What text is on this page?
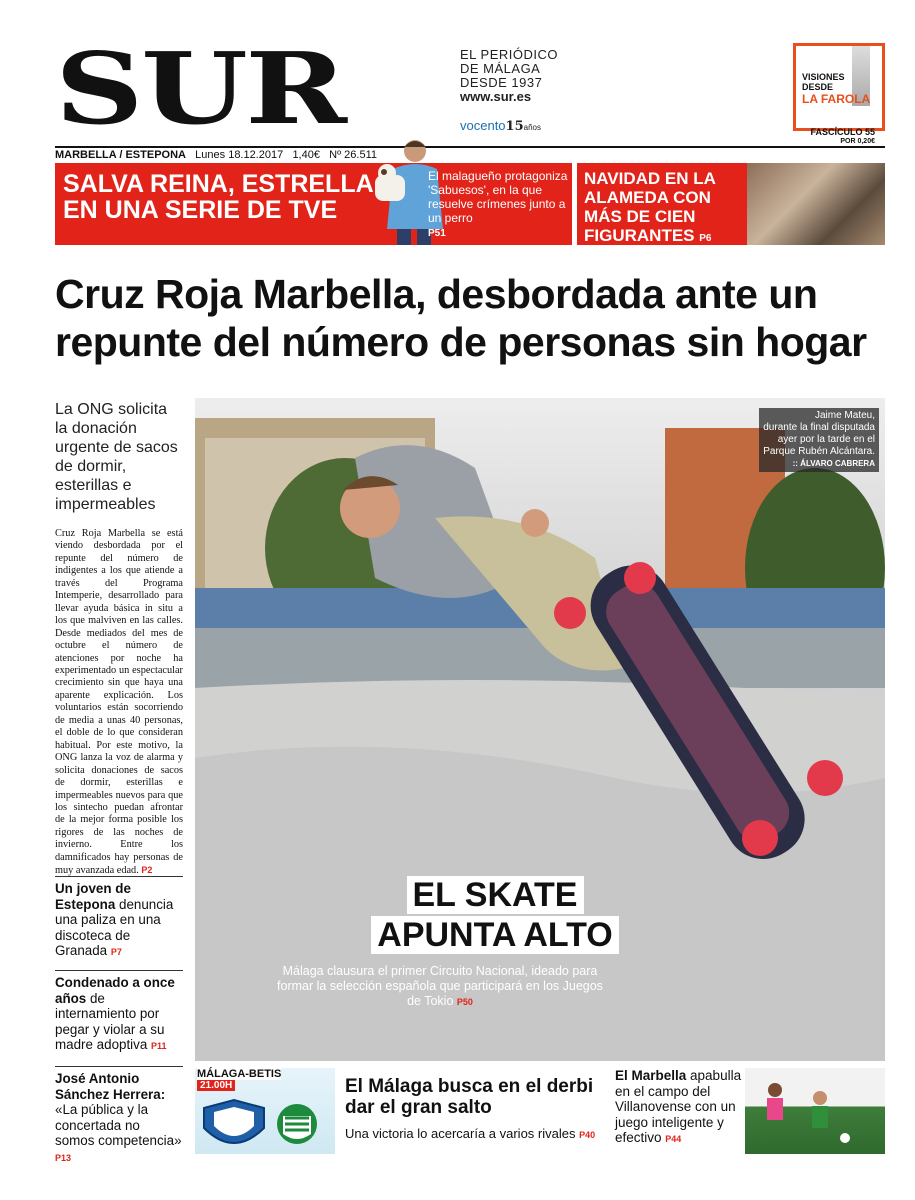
SUR	EL PERIÓDICO
DE MÁLAGA
DESDE 1937
www.sur.es
vocento15años
VISIONES
DESDE
LA FAROLA
FASCÍCULO 55
POR 0,20€
MARBELLA / ESTEPONA Lunes 18.12.2017 1,40€ Nº 26.511
SALVA REINA, ESTRELLA
EN UNA SERIE DE TVE
El malagueño protagoniza 'Sabuesos', en la que resuelve crímenes junto a un perro
P51
NAVIDAD EN LA ALAMEDA CON MÁS DE CIEN FIGURANTES P6
Cruz Roja Marbella, desbordada ante un repunte del número de personas sin hogar
La ONG solicita la donación urgente de sacos de dormir, esterillas e impermeables
Cruz Roja Marbella se está viendo desbordada por el repunte del número de indigentes a los que atiende a través del Programa Intemperie, desarrollado para llevar ayuda básica in situ a los que malviven en las calles. Desde mediados del mes de octubre el número de atenciones por noche ha experimentado un espectacular crecimiento sin que haya una aparente explicación. Los voluntarios están socorriendo de media a unas 40 personas, el doble de lo que consideran habitual. Por este motivo, la ONG lanza la voz de alarma y solicita donaciones de sacos de dormir, esterillas e impermeables nuevos para que los sintecho puedan afrontar de la mejor forma posible los rigores de las noches de invierno. Entre los damnificados hay personas de muy avanzada edad. P2
Un joven de Estepona denuncia una paliza en una discoteca de Granada P7
Condenado a once años de internamiento por pegar y violar a su madre adoptiva P11
José Antonio Sánchez Herrera: «La pública y la concertada no somos competencia» P13
Jaime Mateu,
durante la final disputada
ayer por la tarde en el
Parque Rubén Alcántara.
:: ÁLVARO CABRERA
EL SKATE
APUNTA ALTO
Málaga clausura el primer Circuito Nacional, ideado para formar la selección española que participará en los Juegos de Tokio P50
MÁLAGA-BETIS
21.00H	El Málaga busca en el derbi dar el gran salto
Una victoria lo acercaría a varios rivales P40
El Marbella apabulla en el campo del Villanovense con un juego inteligente y efectivo P44
